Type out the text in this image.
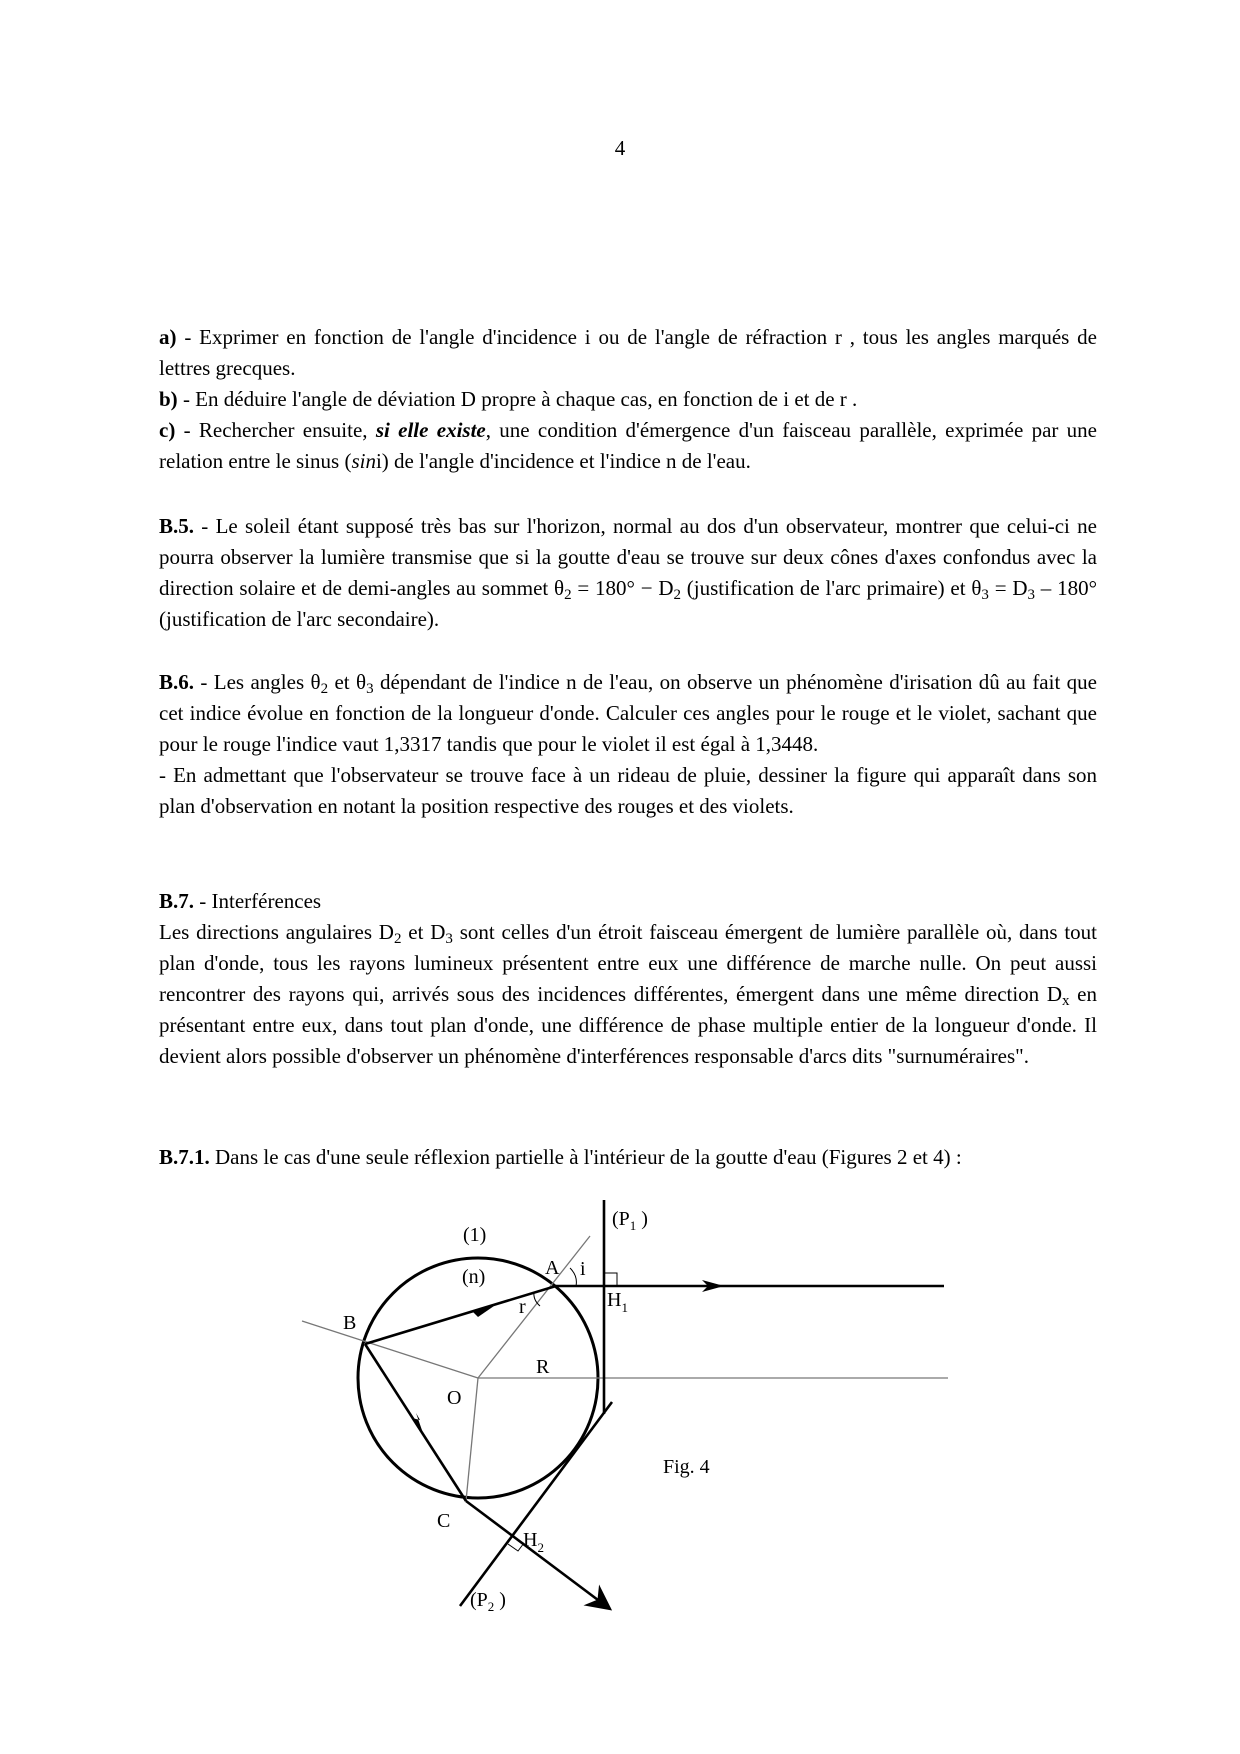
4

a) - Exprimer en fonction de l'angle d'incidence i ou de l'angle de réfraction r , tous les angles marqués de lettres grecques.

b) - En déduire l'angle de déviation D propre à chaque cas, en fonction de i et de r .

c) - Rechercher ensuite, si elle existe, une condition d'émergence d'un faisceau parallèle, exprimée par une relation entre le sinus (sini) de l'angle d'incidence et l'indice n de l'eau.

B.5. - Le soleil étant supposé très bas sur l'horizon, normal au dos d'un observateur, montrer que celui-ci ne pourra observer la lumière transmise que si la goutte d'eau se trouve sur deux cônes d'axes confondus avec la direction solaire et de demi-angles au sommet $\theta_2 = 180^\circ - D_2$ (justification de l'arc primaire) et $\theta_3 = D_3 - 180^\circ$ (justification de l'arc secondaire).

B.6. - Les angles $\theta_2$ et $\theta_3$ dépendant de l'indice n de l'eau, on observe un phénomène d'irisation dû au fait que cet indice évolue en fonction de la longueur d'onde. Calculer ces angles pour le rouge et le violet, sachant que pour le rouge l'indice vaut 1,3317 tandis que pour le violet il est égal à 1,3448.

- En admettant que l'observateur se trouve face à un rideau de pluie, dessiner la figure qui apparaît dans son plan d'observation en notant la position respective des rouges et des violets.

B.7. - Interférences

Les directions angulaires $D_2$ et $D_3$ sont celles d'un étroit faisceau émergent de lumière parallèle où, dans tout plan d'onde, tous les rayons lumineux présentent entre eux une différence de marche nulle. On peut aussi rencontrer des rayons qui, arrivés sous des incidences différentes, émergent dans une même direction $D_x$ en présentant entre eux, dans tout plan d'onde, une différence de phase multiple entier de la longueur d'onde. Il devient alors possible d'observer un phénomène d'interférences responsable d'arcs dits "surnuméraires".

B.7.1. Dans le cas d'une seule réflexion partielle à l'intérieur de la goutte d'eau (Figures 2 et 4) :

(1)
(n)	A i
r
B
O
R
C
($P_1$ )
$H_1$
$H_2$
($P_2$ )
Fig. 4
